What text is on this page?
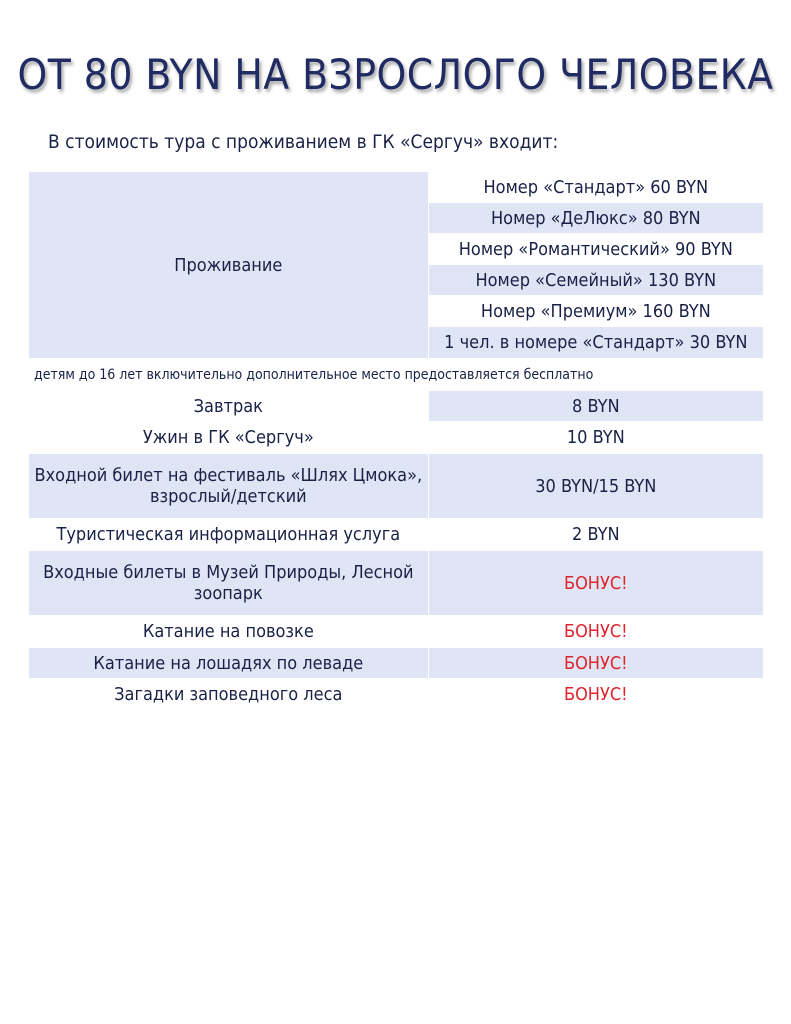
ОТ 80 BYN НА ВЗРОСЛОГО ЧЕЛОВЕКА
В стоимость тура с проживанием в ГК «Сергуч» входит:
Проживание	Номер «Стандарт» 60 BYN
	Номер «ДеЛюкс» 80 BYN
	Номер «Романтический» 90 BYN
	Номер «Семейный» 130 BYN
	Номер «Премиум» 160 BYN
	1 чел. в номере «Стандарт» 30 BYN
детям до 16 лет включительно дополнительное место предоставляется бесплатно	
Завтрак	8 BYN
Ужин в ГК «Сергуч»	10 BYN
Входной билет на фестиваль «Шлях Цмока», взрослый/детский	30 BYN/15 BYN
Туристическая информационная услуга	2 BYN
Входные билеты в Музей Природы, Лесной зоопарк	БОНУС!
Катание на повозке	БОНУС!
Катание на лошадях по леваде	БОНУС!
Загадки заповедного леса	БОНУС!
